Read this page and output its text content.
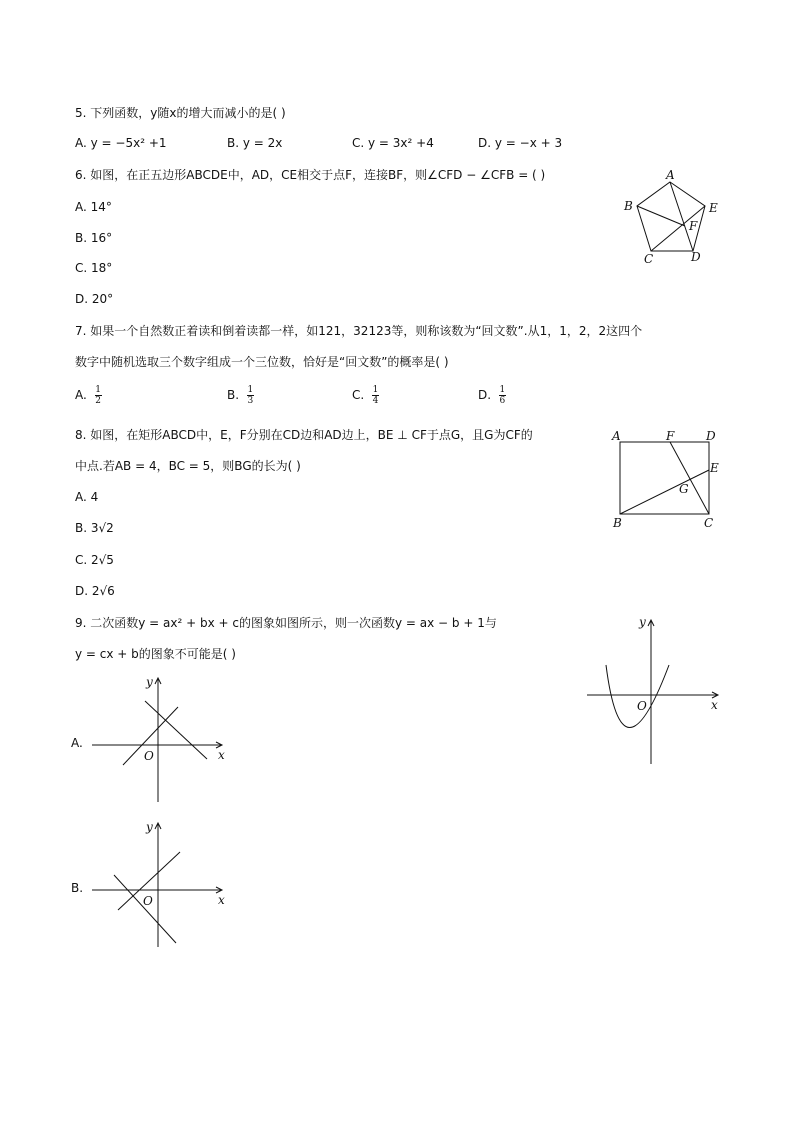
5. 下列函数，y随x的增大而减小的是( )
A. y = −5x² +1	B. y = 2x	C. y = 3x² +4	D. y = −x + 3
6. 如图，在正五边形ABCDE中，AD，CE相交于点F，连接BF，则∠CFD − ∠CFB = ( )
A. 14°
B. 16°
C. 18°
D. 20°
A
B	E
F
C	D
7. 如果一个自然数正着读和倒着读都一样，如121，32123等，则称该数为“回文数”.从1，1，2，2这四个
数字中随机选取三个数字组成一个三位数，恰好是“回文数”的概率是( )
A. $\frac{1}{2}$	B. $\frac{1}{3}$	C. $\frac{1}{4}$	D. $\frac{1}{6}$
8. 如图，在矩形ABCD中，E，F分别在CD边和AD边上，BE ⊥ CF于点G，且G为CF的
中点.若AB = 4，BC = 5，则BG的长为( )
A. 4
B. 3√2
C. 2√5
D. 2√6
A	F	D
E
G
B	C
9. 二次函数y = ax² + bx + c的图象如图所示，则一次函数y = ax − b + 1与
y = cx + b的图象不可能是( )
y
x
O
A.
y
x
O
B.
y
x
O
